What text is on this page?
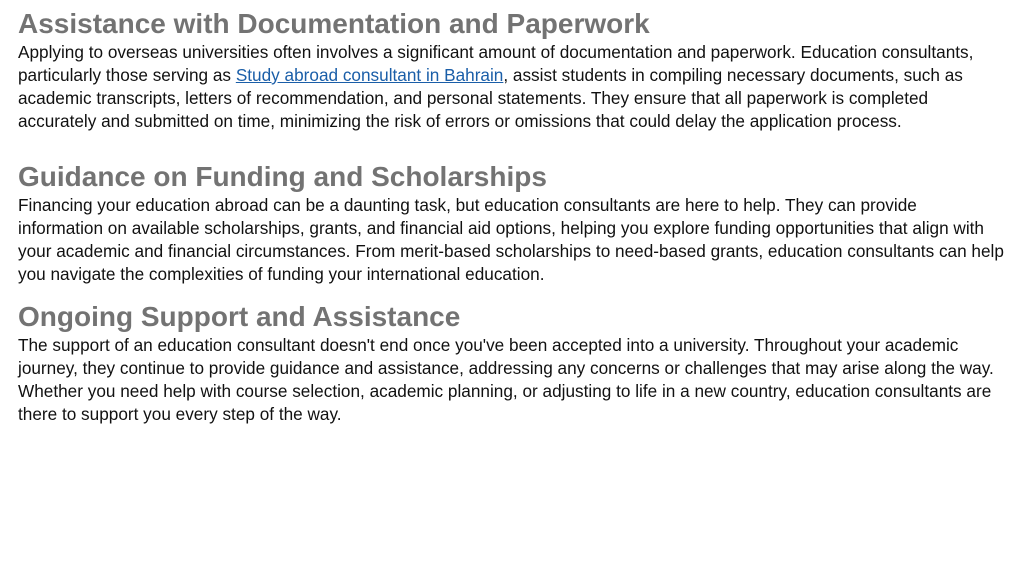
Assistance with Documentation and Paperwork

Applying to overseas universities often involves a significant amount of documentation and paperwork. Education consultants, particularly those serving as Study abroad consultant in Bahrain, assist students in compiling necessary documents, such as academic transcripts, letters of recommendation, and personal statements. They ensure that all paperwork is completed accurately and submitted on time, minimizing the risk of errors or omissions that could delay the application process.

Guidance on Funding and Scholarships

Financing your education abroad can be a daunting task, but education consultants are here to help. They can provide information on available scholarships, grants, and financial aid options, helping you explore funding opportunities that align with your academic and financial circumstances. From merit-based scholarships to need-based grants, education consultants can help you navigate the complexities of funding your international education.

Ongoing Support and Assistance

The support of an education consultant doesn't end once you've been accepted into a university. Throughout your academic journey, they continue to provide guidance and assistance, addressing any concerns or challenges that may arise along the way. Whether you need help with course selection, academic planning, or adjusting to life in a new country, education consultants are there to support you every step of the way.
